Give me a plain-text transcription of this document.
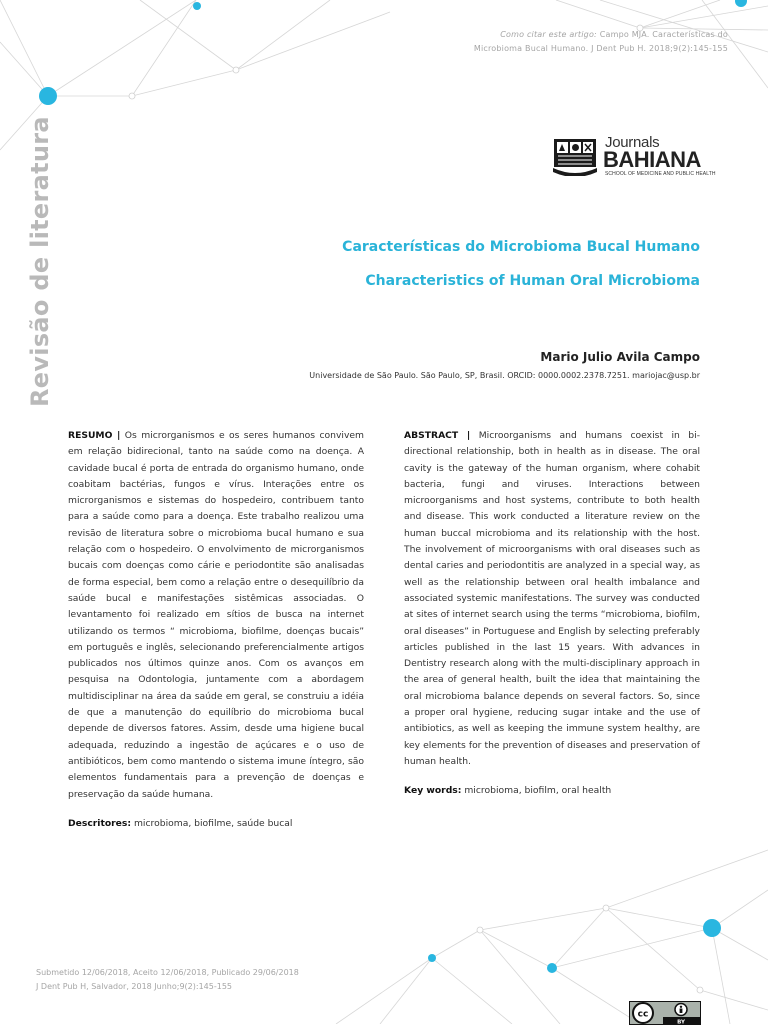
Como citar este artigo: Campo MJA. Características do
Microbioma Bucal Humano. J Dent Pub H. 2018;9(2):145-155
Revisão de literatura	Journals
BAHIANA
SCHOOL OF MEDICINE AND PUBLIC HEALTH
Características do Microbioma Bucal Humano
Characteristics of Human Oral Microbioma
Mario Julio Avila Campo
Universidade de São Paulo. São Paulo, SP, Brasil. ORCID: 0000.0002.2378.7251. mariojac@usp.br
RESUMO | Os microrganismos e os seres humanos convivem em relação bidirecional, tanto na saúde como na doença. A cavidade bucal é porta de entrada do organismo humano, onde coabitam bactérias, fungos e vírus. Interações entre os microrganismos e sistemas do hospedeiro, contribuem tanto para a saúde como para a doença. Este trabalho realizou uma revisão de literatura sobre o microbioma bucal humano e sua relação com o hospedeiro. O envolvimento de microrganismos bucais com doenças como cárie e periodontite são analisadas de forma especial, bem como a relação entre o desequilíbrio da saúde bucal e manifestações sistêmicas associadas. O levantamento foi realizado em sítios de busca na internet utilizando os termos “ microbioma, biofilme, doenças bucais” em português e inglês, selecionando preferencialmente artigos publicados nos últimos quinze anos. Com os avanços em pesquisa na Odontologia, juntamente com a abordagem multidisciplinar na área da saúde em geral, se construiu a idéia de que a manutenção do equilíbrio do microbioma bucal depende de diversos fatores. Assim, desde uma higiene bucal adequada, reduzindo a ingestão de açúcares e o uso de antibióticos, bem como mantendo o sistema imune íntegro, são elementos fundamentais para a prevenção de doenças e preservação da saúde humana.
Descritores: microbioma, biofilme, saúde bucal
ABSTRACT | Microorganisms and humans coexist in bi-directional relationship, both in health as in disease. The oral cavity is the gateway of the human organism, where cohabit bacteria, fungi and viruses. Interactions between microorganisms and host systems, contribute to both health and disease. This work conducted a literature review on the human buccal microbioma and its relationship with the host. The involvement of microorganisms with oral diseases such as dental caries and periodontitis are analyzed in a special way, as well as the relationship between oral health imbalance and associated systemic manifestations. The survey was conducted at sites of internet search using the terms “microbioma, biofilm, oral diseases” in Portuguese and English by selecting preferably articles published in the last 15 years. With advances in Dentistry research along with the multi-disciplinary approach in the area of general health, built the idea that maintaining the oral microbioma balance depends on several factors. So, since a proper oral hygiene, reducing sugar intake and the use of antibiotics, as well as keeping the immune system healthy, are key elements for the prevention of diseases and preservation of human health.
Key words: microbioma, biofilm, oral health
Submetido 12/06/2018, Aceito 12/06/2018, Publicado 29/06/2018
J Dent Pub H, Salvador, 2018 Junho;9(2):145-155
cc
BY
